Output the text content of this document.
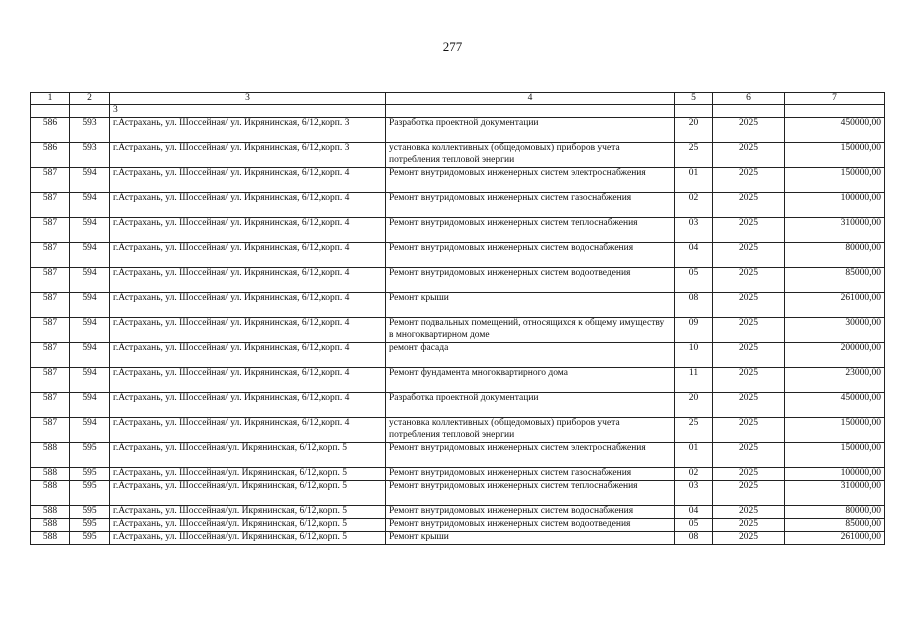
277
1	2	3	4	5	6	7
		3				
586	593	г.Астрахань, ул. Шоссейная/ ул. Икрянинская, 6/12,корп. 3	Разработка проектной документации	20	2025	450000,00
586	593	г.Астрахань, ул. Шоссейная/ ул. Икрянинская, 6/12,корп. 3	установка коллективных (общедомовых) приборов учета потребления тепловой энергии	25	2025	150000,00
587	594	г.Астрахань, ул. Шоссейная/ ул. Икрянинская, 6/12,корп. 4	Ремонт внутридомовых инженерных систем электроснабжения	01	2025	150000,00
587	594	г.Астрахань, ул. Шоссейная/ ул. Икрянинская, 6/12,корп. 4	Ремонт внутридомовых инженерных систем газоснабжения	02	2025	100000,00
587	594	г.Астрахань, ул. Шоссейная/ ул. Икрянинская, 6/12,корп. 4	Ремонт внутридомовых инженерных систем теплоснабжения	03	2025	310000,00
587	594	г.Астрахань, ул. Шоссейная/ ул. Икрянинская, 6/12,корп. 4	Ремонт внутридомовых инженерных систем водоснабжения	04	2025	80000,00
587	594	г.Астрахань, ул. Шоссейная/ ул. Икрянинская, 6/12,корп. 4	Ремонт внутридомовых инженерных систем водоотведения	05	2025	85000,00
587	594	г.Астрахань, ул. Шоссейная/ ул. Икрянинская, 6/12,корп. 4	Ремонт крыши	08	2025	261000,00
587	594	г.Астрахань, ул. Шоссейная/ ул. Икрянинская, 6/12,корп. 4	Ремонт подвальных помещений, относящихся к общему имуществу в многоквартирном доме	09	2025	30000,00
587	594	г.Астрахань, ул. Шоссейная/ ул. Икрянинская, 6/12,корп. 4	ремонт фасада	10	2025	200000,00
587	594	г.Астрахань, ул. Шоссейная/ ул. Икрянинская, 6/12,корп. 4	Ремонт фундамента многоквартирного дома	11	2025	23000,00
587	594	г.Астрахань, ул. Шоссейная/ ул. Икрянинская, 6/12,корп. 4	Разработка проектной документации	20	2025	450000,00
587	594	г.Астрахань, ул. Шоссейная/ ул. Икрянинская, 6/12,корп. 4	установка коллективных (общедомовых) приборов учета потребления тепловой энергии	25	2025	150000,00
588	595	г.Астрахань, ул. Шоссейная/ул. Икрянинская, 6/12,корп. 5	Ремонт внутридомовых инженерных систем электроснабжения	01	2025	150000,00
588	595	г.Астрахань, ул. Шоссейная/ул. Икрянинская, 6/12,корп. 5	Ремонт внутридомовых инженерных систем газоснабжения	02	2025	100000,00
588	595	г.Астрахань, ул. Шоссейная/ул. Икрянинская, 6/12,корп. 5	Ремонт внутридомовых инженерных систем теплоснабжения	03	2025	310000,00
588	595	г.Астрахань, ул. Шоссейная/ул. Икрянинская, 6/12,корп. 5	Ремонт внутридомовых инженерных систем водоснабжения	04	2025	80000,00
588	595	г.Астрахань, ул. Шоссейная/ул. Икрянинская, 6/12,корп. 5	Ремонт внутридомовых инженерных систем водоотведения	05	2025	85000,00
588	595	г.Астрахань, ул. Шоссейная/ул. Икрянинская, 6/12,корп. 5	Ремонт крыши	08	2025	261000,00
